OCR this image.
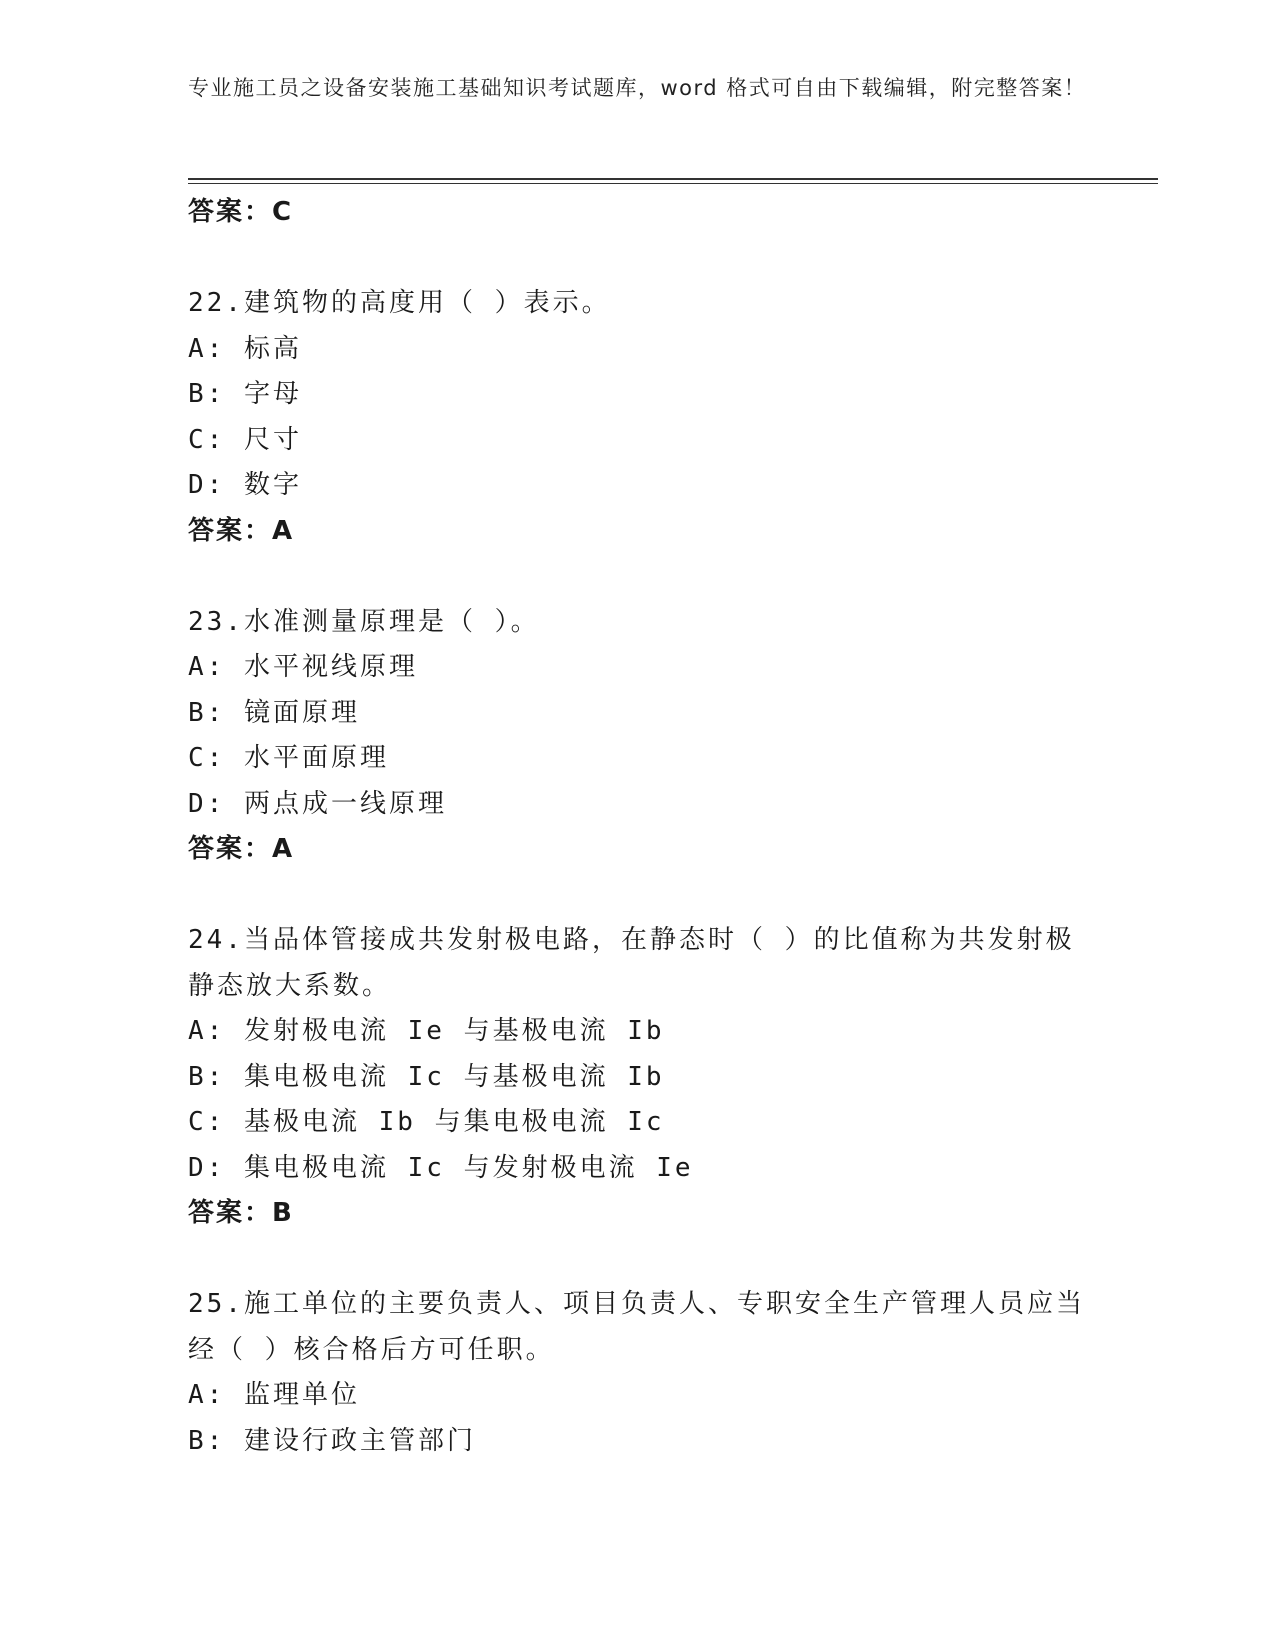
专业施工员之设备安装施工基础知识考试题库，word 格式可自由下载编辑，附完整答案！
答案：C
22.建筑物的高度用（ ）表示。
A: 标高
B: 字母
C: 尺寸
D: 数字
答案：A
23.水准测量原理是（ ）。
A: 水平视线原理
B: 镜面原理
C: 水平面原理
D: 两点成一线原理
答案：A
24.当品体管接成共发射极电路，在静态时（ ）的比值称为共发射极静态放大系数。
A: 发射极电流 Ie 与基极电流 Ib
B: 集电极电流 Ic 与基极电流 Ib
C: 基极电流 Ib 与集电极电流 Ic
D: 集电极电流 Ic 与发射极电流 Ie
答案：B
25.施工单位的主要负责人、项目负责人、专职安全生产管理人员应当经（ ）核合格后方可任职。
A: 监理单位
B: 建设行政主管部门
